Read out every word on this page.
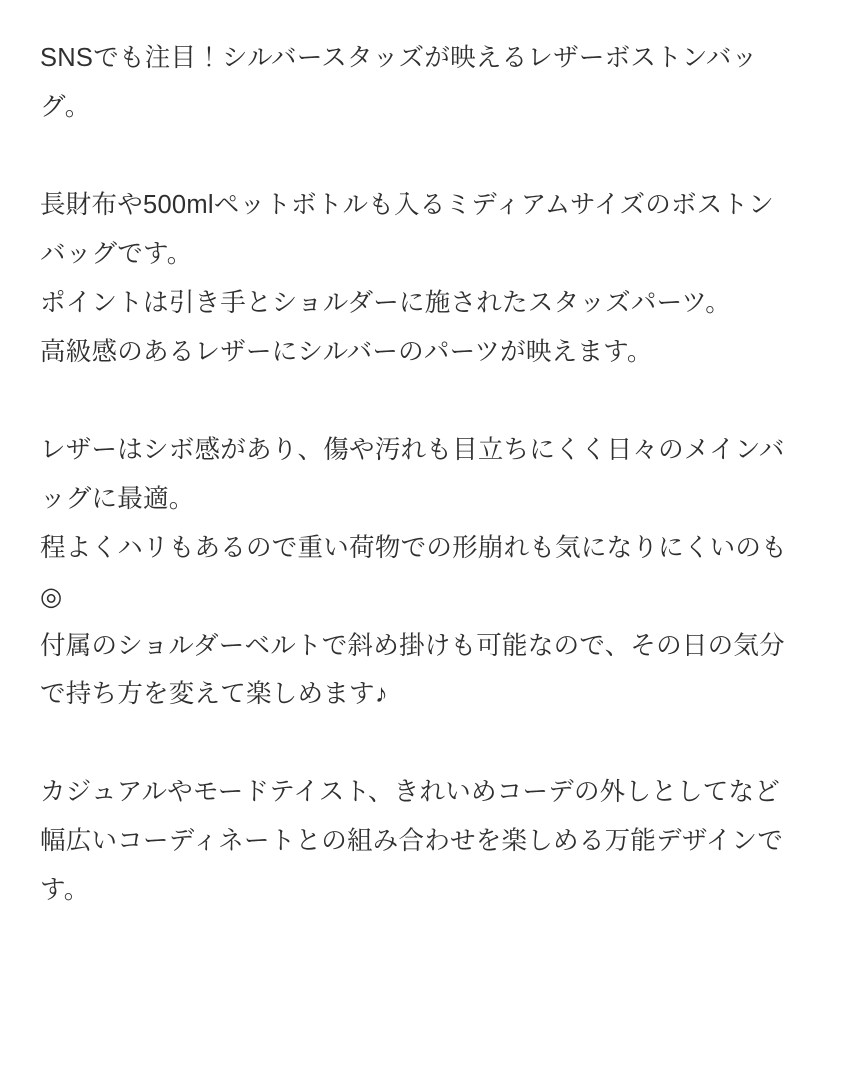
SNSでも注目！シルバースタッズが映えるレザーボストンバッグ。

長財布や500mlペットボトルも入るミディアムサイズのボストンバッグです。
ポイントは引き手とショルダーに施されたスタッズパーツ。
高級感のあるレザーにシルバーのパーツが映えます。

レザーはシボ感があり、傷や汚れも目立ちにくく日々のメインバッグに最適。
程よくハリもあるので重い荷物での形崩れも気になりにくいのも◎
付属のショルダーベルトで斜め掛けも可能なので、その日の気分で持ち方を変えて楽しめます♪

カジュアルやモードテイスト、きれいめコーデの外しとしてなど
幅広いコーディネートとの組み合わせを楽しめる万能デザインです。
